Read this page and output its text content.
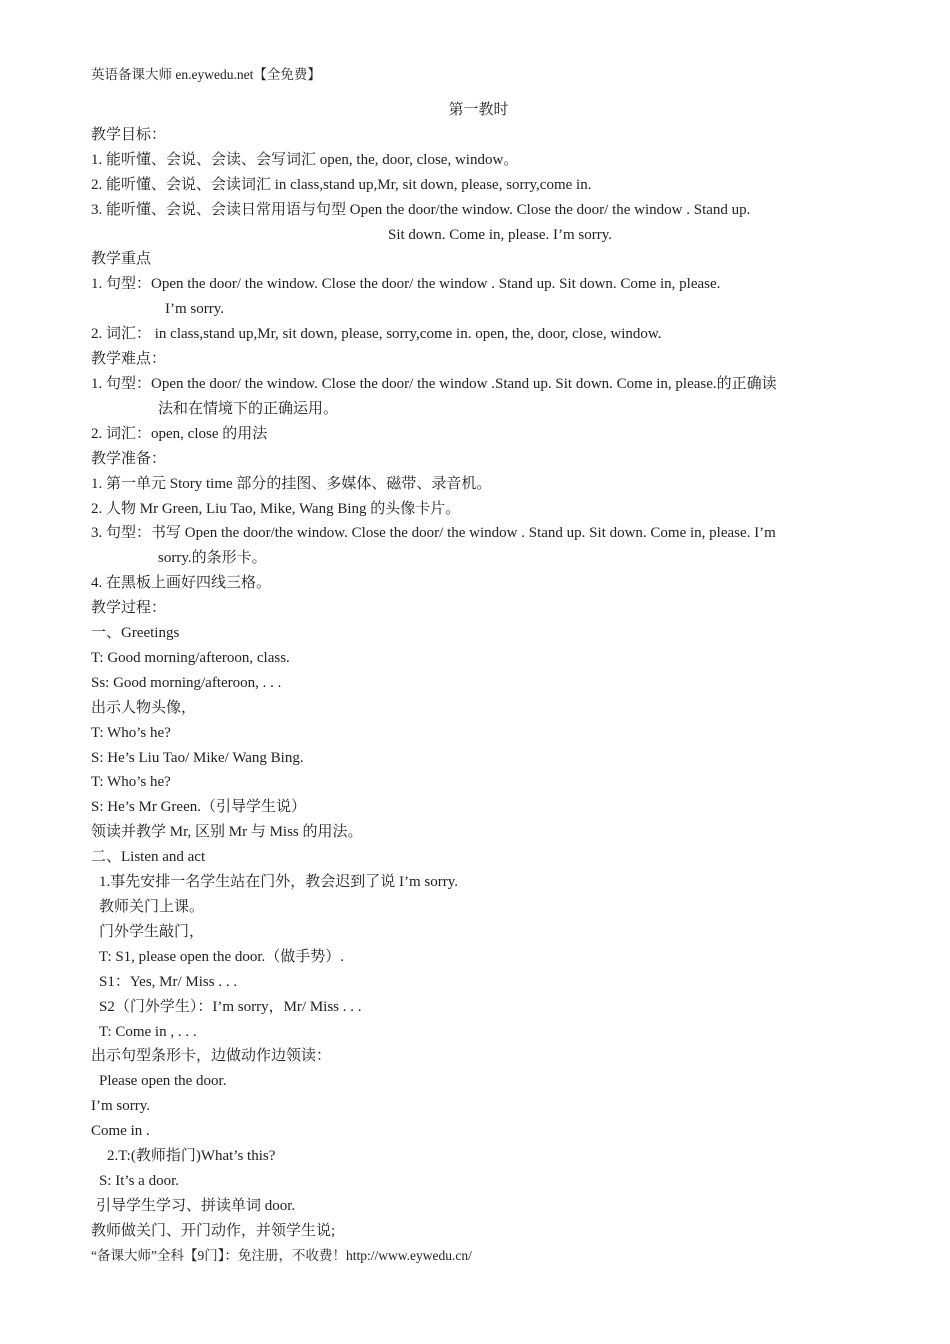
英语备课大师 en.eywedu.net【全免费】
第一教时
教学目标：
1. 能听懂、会说、会读、会写词汇 open, the, door, close, window。
2. 能听懂、会说、会读词汇 in class,stand up,Mr, sit down, please, sorry,come in.
3. 能听懂、会说、会读日常用语与句型 Open the door/the window. Close the door/ the window . Stand up.
Sit down. Come in, please. I’m sorry.
教学重点
1. 句型：Open the door/ the window. Close the door/ the window . Stand up. Sit down. Come in, please.
I’m sorry.
2. 词汇： in class,stand up,Mr, sit down, please, sorry,come in. open, the, door, close, window.
教学难点：
1. 句型：Open the door/ the window. Close the door/ the window .Stand up. Sit down. Come in, please.的正确读
法和在情境下的正确运用。
2. 词汇：open, close 的用法
教学准备：
1. 第一单元 Story time 部分的挂图、多媒体、磁带、录音机。
2. 人物 Mr Green, Liu Tao, Mike, Wang Bing 的头像卡片。
3. 句型：书写 Open the door/the window. Close the door/ the window . Stand up. Sit down. Come in, please. I’m
sorry.的条形卡。
4. 在黑板上画好四线三格。
教学过程：
一、Greetings
T: Good morning/afteroon, class.
Ss: Good morning/afteroon, . . .
出示人物头像，
T: Who’s he?
S: He’s Liu Tao/ Mike/ Wang Bing.
T: Who’s he?
S: He’s Mr Green.（引导学生说）
领读并教学 Mr, 区别 Mr 与 Miss 的用法。
二、Listen and act
1.事先安排一名学生站在门外，教会迟到了说 I’m sorry.
教师关门上课。
门外学生敲门，
T: S1, please open the door.（做手势）.
S1：Yes, Mr/ Miss . . .
S2（门外学生）：I’m sorry，Mr/ Miss . . .
T: Come in , . . .
出示句型条形卡，边做动作边领读：
Please open the door.
I’m sorry.
Come in .
2.T:(教师指门)What’s this?
S: It’s a door.
引导学生学习、拼读单词 door.
教师做关门、开门动作，并领学生说;
“备课大师”全科【9门】：免注册，不收费！http://www.eywedu.cn/
